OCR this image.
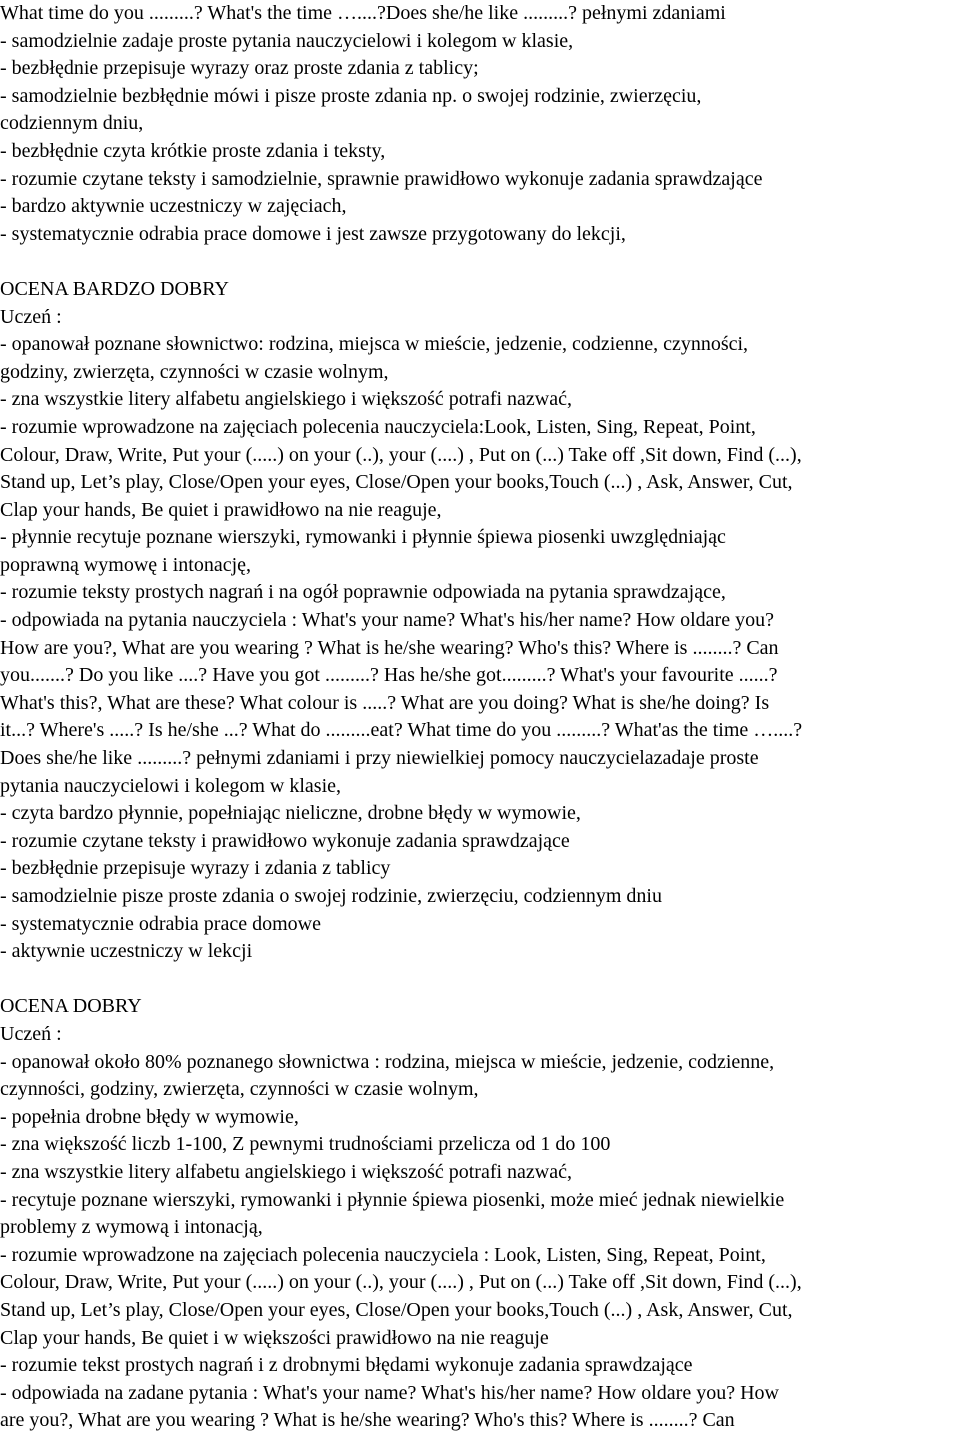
What time do you .........? What's the time …....?Does she/he like .........? pełnymi zdaniami
- samodzielnie zadaje proste pytania nauczycielowi i kolegom w klasie,
- bezbłędnie przepisuje wyrazy oraz proste zdania z tablicy;
- samodzielnie bezbłędnie mówi i pisze proste zdania np. o swojej rodzinie, zwierzęciu,
codziennym dniu,
- bezbłędnie czyta krótkie proste zdania i teksty,
- rozumie czytane teksty i samodzielnie, sprawnie prawidłowo wykonuje zadania sprawdzające
- bardzo aktywnie uczestniczy w zajęciach,
- systematycznie odrabia prace domowe i jest zawsze przygotowany do lekcji,
OCENA BARDZO DOBRY
Uczeń :
- opanował poznane słownictwo: rodzina, miejsca w mieście, jedzenie, codzienne, czynności,
godziny, zwierzęta, czynności w czasie wolnym,
- zna wszystkie litery alfabetu angielskiego i większość potrafi nazwać,
- rozumie wprowadzone na zajęciach polecenia nauczyciela:Look, Listen, Sing, Repeat, Point,
Colour, Draw, Write, Put your (.....) on your (..), your (....) , Put on (...) Take off ,Sit down, Find (...),
Stand up, Let’s play, Close/Open your eyes, Close/Open your books,Touch (...) , Ask, Answer, Cut,
Clap your hands, Be quiet i prawidłowo na nie reaguje,
- płynnie recytuje poznane wierszyki, rymowanki i płynnie śpiewa piosenki uwzględniając
poprawną wymowę i intonację,
- rozumie teksty prostych nagrań i na ogół poprawnie odpowiada na pytania sprawdzające,
- odpowiada na pytania nauczyciela : What's your name? What's his/her name? How oldare you?
How are you?, What are you wearing ? What is he/she wearing? Who's this? Where is ........? Can
you.......? Do you like ....? Have you got .........? Has he/she got.........? What's your favourite ......?
What's this?, What are these? What colour is .....? What are you doing? What is she/he doing? Is
it...? Where's .....? Is he/she ...? What do .........eat? What time do you .........? What'as the time …....?
Does she/he like .........? pełnymi zdaniami i przy niewielkiej pomocy nauczycielazadaje proste
pytania nauczycielowi i kolegom w klasie,
- czyta bardzo płynnie, popełniając nieliczne, drobne błędy w wymowie,
- rozumie czytane teksty i prawidłowo wykonuje zadania sprawdzające
- bezbłędnie przepisuje wyrazy i zdania z tablicy
- samodzielnie pisze proste zdania o swojej rodzinie, zwierzęciu, codziennym dniu
- systematycznie odrabia prace domowe
- aktywnie uczestniczy w lekcji
OCENA DOBRY
Uczeń :
- opanował około 80% poznanego słownictwa : rodzina, miejsca w mieście, jedzenie, codzienne,
czynności, godziny, zwierzęta, czynności w czasie wolnym,
- popełnia drobne błędy w wymowie,
- zna większość liczb 1-100, Z pewnymi trudnościami przelicza od 1 do 100
- zna wszystkie litery alfabetu angielskiego i większość potrafi nazwać,
- recytuje poznane wierszyki, rymowanki i płynnie śpiewa piosenki, może mieć jednak niewielkie
problemy z wymową i intonacją,
- rozumie wprowadzone na zajęciach polecenia nauczyciela : Look, Listen, Sing, Repeat, Point,
Colour, Draw, Write, Put your (.....) on your (..), your (....) , Put on (...) Take off ,Sit down, Find (...),
Stand up, Let’s play, Close/Open your eyes, Close/Open your books,Touch (...) , Ask, Answer, Cut,
Clap your hands, Be quiet i w większości prawidłowo na nie reaguje
- rozumie tekst prostych nagrań i z drobnymi błędami wykonuje zadania sprawdzające
- odpowiada na zadane pytania : What's your name? What's his/her name? How oldare you? How
are you?, What are you wearing ? What is he/she wearing? Who's this? Where is ........? Can
